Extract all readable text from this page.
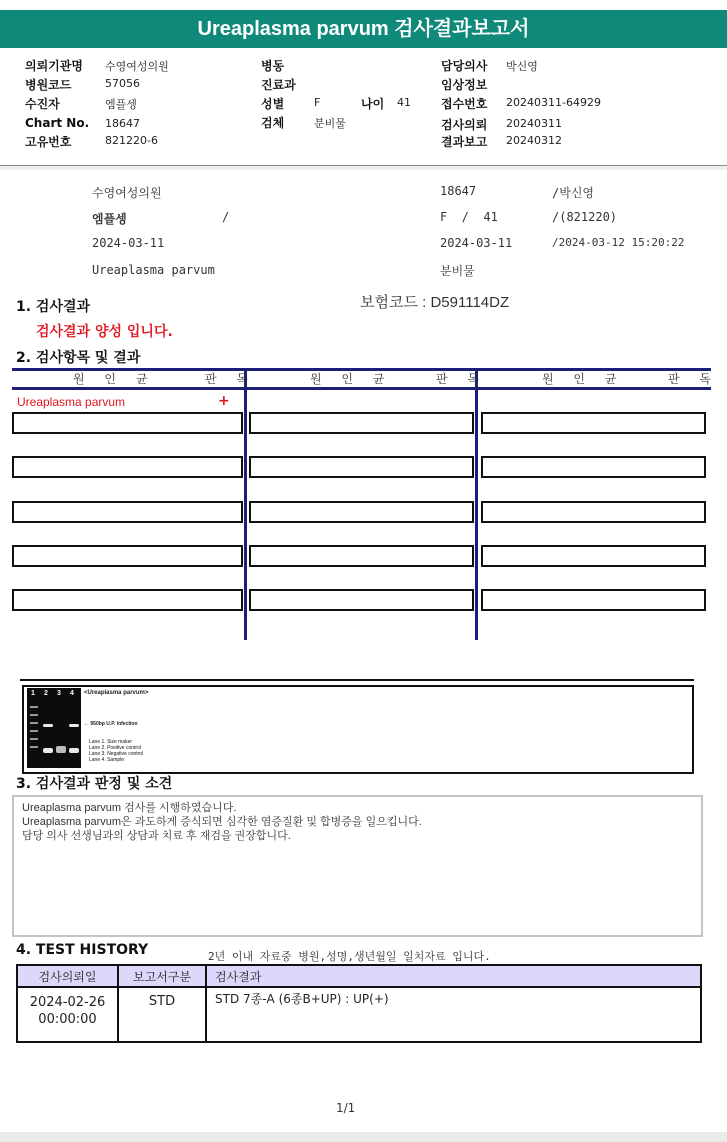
Ureaplasma parvum 검사결과보고서
의뢰기관명 수영여성의원
병원코드	57056
수진자	엠플셍
Chart No. 18647
고유번호	821220-6
병동
진료과
성별	F	나이 41
검체	분비물
담당의사 박신영
임상정보
접수번호 20240311-64929
검사의뢰 20240311
결과보고 20240312
수영여성의원	18647	/박신영
엠플셍	/	F  /  41	/(821220)
2024-03-11	2024-03-11	/2024-03-12 15:20:22
Ureaplasma parvum	분비물
보험코드 : D591114DZ
1. 검사결과
검사결과 양성 입니다.
2. 검사항목 및 결과
원 인 균	판 독	원 인 균	판 독	원 인 균	판 독
Ureaplasma parvum	+
1 2 3 4 <Ureaplasma parvum>
← 950bp U.P. infection
Lane 1. Size maker
Lane 2. Positive control
Lane 3. Negative control
Lane 4. Sample
3. 검사결과 판정 및 소견
Ureaplasma parvum 검사를 시행하였습니다.
Ureaplasma parvum은 과도하게 증식되면 심각한 염증질환 및 합병증을 일으킵니다.
담당 의사 선생님과의 상담과 치료 후 재검을 권장합니다.
4. TEST HISTORY	2년 이내 자료중 병원,성명,생년월일 일치자료 입니다.
검사의뢰일	보고서구분	검사결과

2024-02-26
00:00:00	STD	STD 7종-A (6종B+UP) : UP(+)
1/1
